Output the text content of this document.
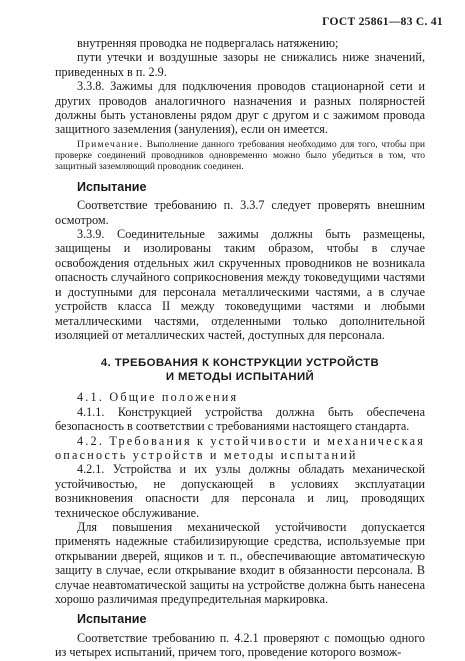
ГОСТ 25861—83 С. 41

внутренняя проводка не подвергалась натяжению;

пути утечки и воздушные зазоры не снижались ниже значений, приведенных в п. 2.9.

3.3.8. Зажимы для подключения проводов стационарной сети и других проводов аналогичного назначения и разных полярностей должны быть установлены рядом друг с другом и с зажимом провода защитного заземления (зануления), если он имеется.

Примечание. Выполнение данного требования необходимо для того, чтобы при проверке соединений проводников одновременно можно было убедиться в том, что защитный заземляющий проводник соединен.

Испытание

Соответствие требованию п. 3.3.7 следует проверять внешним осмотром.

3.3.9. Соединительные зажимы должны быть размещены, защищены и изолированы таким образом, чтобы в случае освобождения отдельных жил скрученных проводников не возникала опасность случайного соприкосновения между токоведущими частями и доступными для персонала металлическими частями, а в случае устройств класса II между токоведущими частями и любыми металлическими частями, отделенными только дополнительной изоляцией от металлических частей, доступных для персонала.

4. ТРЕБОВАНИЯ К КОНСТРУКЦИИ УСТРОЙСТВ
И МЕТОДЫ ИСПЫТАНИЙ

4.1. Общие положения

4.1.1. Конструкцией устройства должна быть обеспечена безопасность в соответствии с требованиями настоящего стандарта.

4.2. Требования к устойчивости и механическая опасность устройств и методы испытаний

4.2.1. Устройства и их узлы должны обладать механической устойчивостью, не допускающей в условиях эксплуатации возникновения опасности для персонала и лиц, проводящих техническое обслуживание.

Для повышения механической устойчивости допускается применять надежные стабилизирующие средства, используемые при открывании дверей, ящиков и т. п., обеспечивающие автоматическую защиту в случае, если открывание входит в обязанности персонала. В случае неавтоматической защиты на устройстве должна быть нанесена хорошо различимая предупредительная маркировка.

Испытание

Соответствие требованию п. 4.2.1 проверяют с помощью одного из четырех испытаний, причем того, проведение которого возмож-
